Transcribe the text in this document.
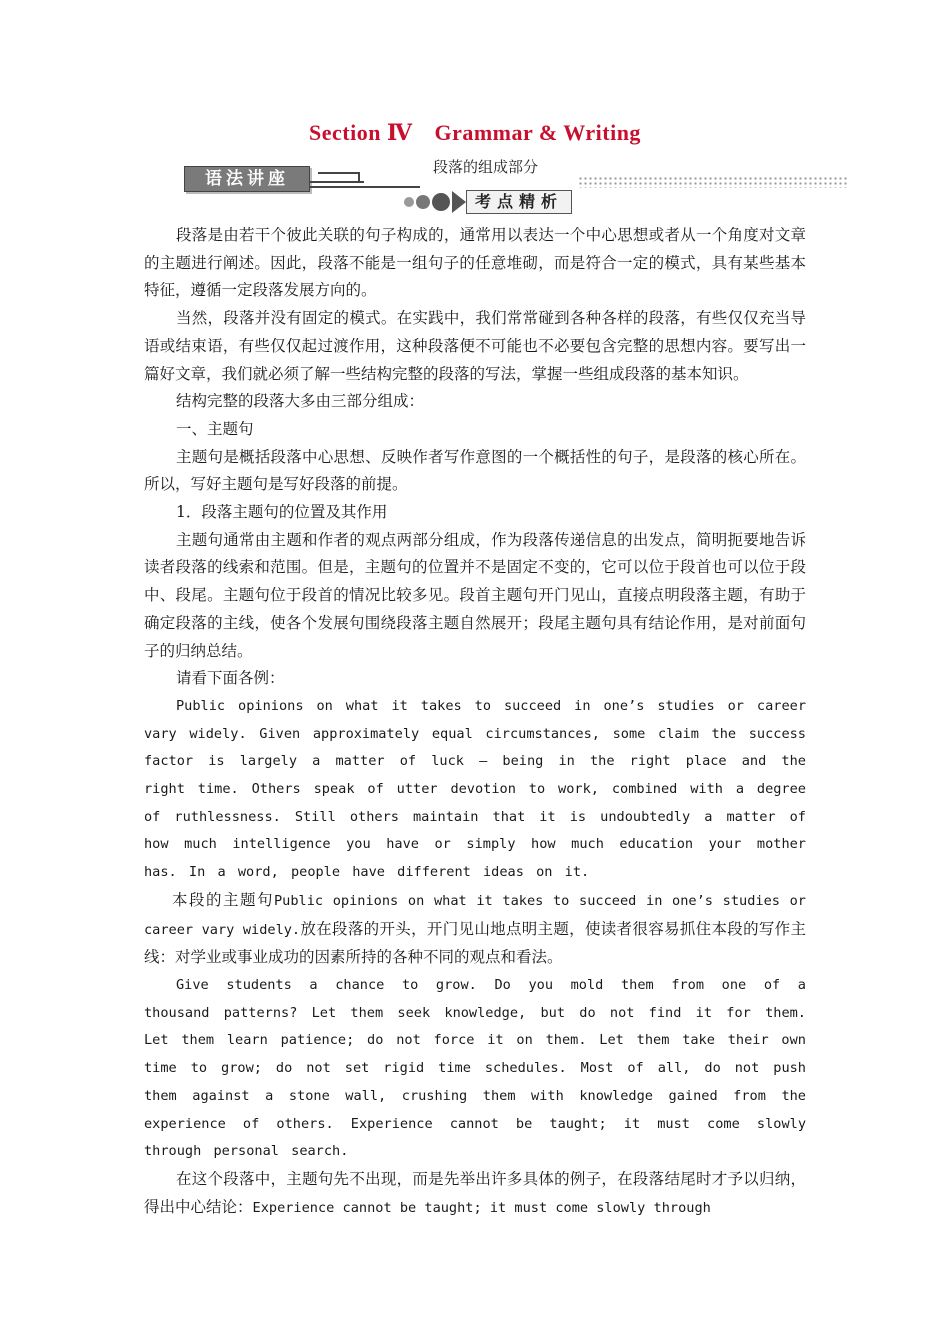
Section Ⅳ Grammar & Writing
段落的组成部分
语法讲座
考点精析

段落是由若干个彼此关联的句子构成的，通常用以表达一个中心思想或者从一个角度对文章的主题进行阐述。因此，段落不能是一组句子的任意堆砌，而是符合一定的模式，具有某些基本特征，遵循一定段落发展方向的。

当然，段落并没有固定的模式。在实践中，我们常常碰到各种各样的段落，有些仅仅充当导语或结束语，有些仅仅起过渡作用，这种段落便不可能也不必要包含完整的思想内容。要写出一篇好文章，我们就必须了解一些结构完整的段落的写法，掌握一些组成段落的基本知识。

结构完整的段落大多由三部分组成：

一、主题句

主题句是概括段落中心思想、反映作者写作意图的一个概括性的句子，是段落的核心所在。所以，写好主题句是写好段落的前提。

1．段落主题句的位置及其作用

主题句通常由主题和作者的观点两部分组成，作为段落传递信息的出发点，简明扼要地告诉读者段落的线索和范围。但是，主题句的位置并不是固定不变的，它可以位于段首也可以位于段中、段尾。主题句位于段首的情况比较多见。段首主题句开门见山，直接点明段落主题，有助于确定段落的主线，使各个发展句围绕段落主题自然展开；段尾主题句具有结论作用，是对前面句子的归纳总结。

请看下面各例：

Public opinions on what it takes to succeed in one’s studies or career vary widely. Given approximately equal circumstances, some claim the success factor is largely a matter of luck — being in the right place and the right time. Others speak of utter devotion to work, combined with a degree of ruthlessness. Still others maintain that it is undoubtedly a matter of how much intelligence you have or simply how much education your mother has. In a word, people have different ideas on it.

本段的主题句Public opinions on what it takes to succeed in one’s studies or career vary widely.放在段落的开头，开门见山地点明主题，使读者很容易抓住本段的写作主线：对学业或事业成功的因素所持的各种不同的观点和看法。

Give students a chance to grow. Do you mold them from one of a thousand patterns? Let them seek knowledge, but do not find it for them. Let them learn patience; do not force it on them. Let them take their own time to grow; do not set rigid time schedules. Most of all, do not push them against a stone wall, crushing them with knowledge gained from the experience of others. Experience cannot be taught; it must come slowly through personal search.

在这个段落中，主题句先不出现，而是先举出许多具体的例子，在段落结尾时才予以归纳，得出中心结论：Experience cannot be taught; it must come slowly through
